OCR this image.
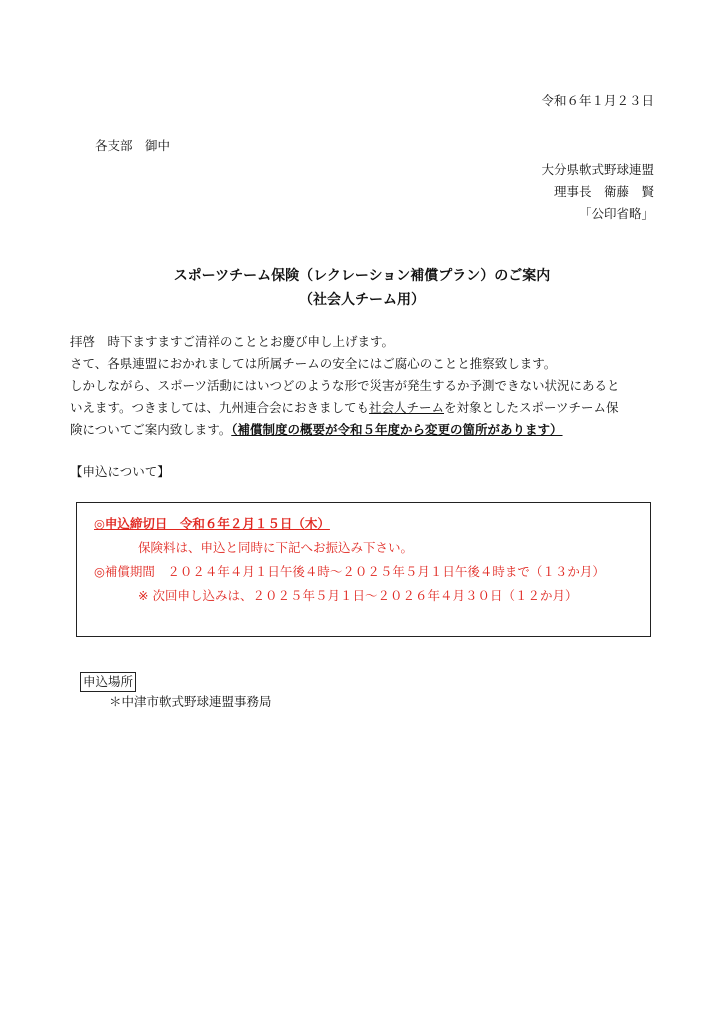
令和６年１月２３日
各支部　御中
大分県軟式野球連盟
理事長　衛藤　賢
「公印省略」
スポーツチーム保険（レクレーション補償プラン）のご案内
（社会人チーム用）
拝啓　時下ますますご清祥のこととお慶び申し上げます。
さて、各県連盟におかれましては所属チームの安全にはご腐心のことと推察致します。
しかしながら、スポーツ活動にはいつどのような形で災害が発生するか予測できない状況にあると
いえます。つきましては、九州連合会におきましても社会人チームを対象としたスポーツチーム保
険についてご案内致します。（補償制度の概要が令和５年度から変更の箇所があります）
【申込について】
◎申込締切日　令和６年２月１５日（木）
保険料は、申込と同時に下記へお振込み下さい。
◎補償期間　２０２４年４月１日午後４時～２０２５年５月１日午後４時まで（１３か月）
※ 次回申し込みは、２０２５年５月１日～２０２６年４月３０日（１２か月）
申込場所
＊中津市軟式野球連盟事務局
